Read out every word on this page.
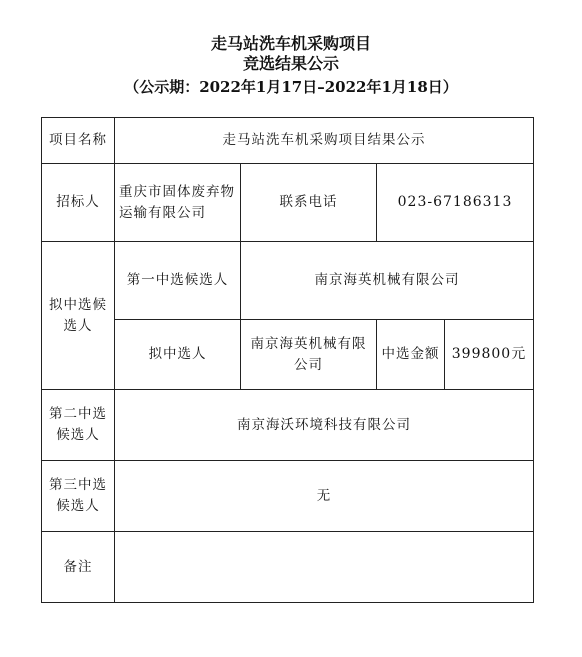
走马站洗车机采购项目
竞选结果公示
（公示期：2022年1月17日–2022年1月18日）
项目名称	走马站洗车机采购项目结果公示			
招标人	重庆市固体废弃物运输有限公司	联系电话	023-67186313	
拟中选候选人	第一中选候选人	南京海英机械有限公司		
	拟中选人	南京海英机械有限公司	中选金额	399800元
第二中选候选人	南京海沃环境科技有限公司			
第三中选候选人	无			
备注				
